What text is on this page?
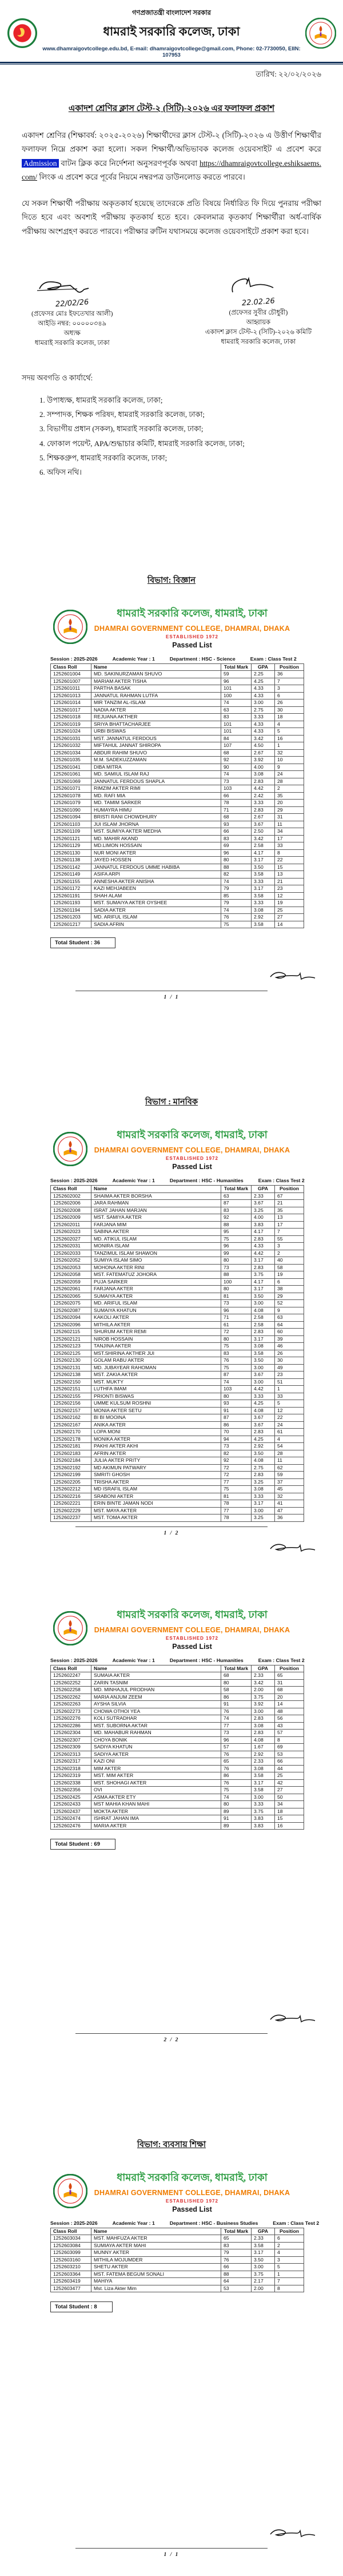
গণপ্রজাতন্ত্রী বাংলাদেশ সরকার
ধামরাই সরকারি কলেজ, ঢাকা
www.dhamraigovtcollege.edu.bd, E-mail: dhamraigovtcollege@gmail.com, Phone: 02-7730050, EIIN: 107953
তারিখ: ২২/০২/২০২৬
একাদশ শ্রেণির ক্লাস টেস্ট-২ (সিটি)-২০২৬ এর ফলাফল প্রকাশ

একাদশ শ্রেণির (শিক্ষাবর্ষ: ২০২৫-২০২৬) শিক্ষার্থীদের ক্লাস টেস্ট-২ (সিটি)-২০২৬ এ উত্তীর্ণ শিক্ষার্থীর ফলাফল নিম্নে প্রকাশ করা হলো। সকল শিক্ষার্থী/অভিভাবক কলেজ ওয়েবসাইট এ প্রবেশ করে Admission বাটন ক্লিক করে নির্দেশনা অনুসরণপূর্বক অথবা https://dhamraigovtcollege.eshiksaems.com/ লিংক এ প্রবেশ করে পূর্বের নিয়মে নম্বরপত্র ডাউনলোড করতে পারবে।

যে সকল শিক্ষার্থী পরীক্ষায় অকৃতকার্য হয়েছে তাদেরকে প্রতি বিষয়ে নির্ধারিত ফি দিয়ে পুনরায় পরীক্ষা দিতে হবে এবং অবশ্যই পরীক্ষায় কৃতকার্য হতে হবে। কেবলমাত্র কৃতকার্য শিক্ষার্থীরা অর্ধ-বার্ষিক পরীক্ষায় অংশগ্রহণ করতে পারবে। পরীক্ষার রুটিন যথাসময়ে কলেজ ওয়েবসাইটে প্রকাশ করা হবে।

22/02/26
(প্রফেসর মোঃ ইফতেখার আলী)
আইডি নম্বর: ০০০০০৩৪৯
অধ্যক্ষ
ধামরাই সরকারি কলেজ, ঢাকা
22.02.26
(প্রফেসর সুবীর চৌধুরী)
আহ্বায়ক
একাদশ ক্লাস টেস্ট-২ (সিটি)-২০২৬ কমিটি
ধামরাই সরকারি কলেজ, ঢাকা
সদয় অবগতি ও কার্যার্থে:
1. উপাধ্যক্ষ, ধামরাই সরকারি কলেজ, ঢাকা;
2. সম্পাদক, শিক্ষক পরিষদ, ধামরাই সরকারি কলেজ, ঢাকা;
3. বিভাগীয় প্রধান (সকল), ধামরাই সরকারি কলেজ, ঢাকা;
4. ফোকাল পয়েন্ট, APA/শুদ্ধাচার কমিটি, ধামরাই সরকারি কলেজ, ঢাকা;
5. শিক্ষকগ্রুপ, ধামরাই সরকারি কলেজ, ঢাকা;
6. অফিস নথি।
বিভাগ: বিজ্ঞান
ধামরাই সরকারি কলেজ, ধামরাই, ঢাকা
DHAMRAI GOVERNMENT COLLEGE, DHAMRAI, DHAKA
ESTABLISHED 1972
Passed List
Session : 2025-2026	Academic Year : 1	Department : HSC - Science	Exam : Class Test 2
Class Roll	Name	Total Mark	GPA	Position
1252601004	MD. SAKINURZAMAN SHUVO	59	2.25	36
1252601007	MARIAM AKTER TISHA	96	4.25	7
1252601011	PARTHA BASAK	101	4.33	3
1252601013	JANNATUL RAHMAN LUTFA	100	4.33	6
1252601014	MIR TANZIM AL-ISLAM	74	3.00	26
1252601017	NADIA AKTER	63	2.75	30
1252601018	REJUANA AKTHER	83	3.33	18
1252601019	SRIYA BHATTACHARJEE	101	4.33	4
1252601024	URBI BISWAS	101	4.33	5
1252601031	MST. JANNATUL FERDOUS	84	3.42	16
1252601032	MIFTAHUL JANNAT SHIROPA	107	4.50	1
1252601034	ABDUR RAHIM SHUVO	68	2.67	32
1252601035	M.M. SADEKUZZAMAN	92	3.92	10
1252601041	DIBA MITRA	90	4.00	9
1252601061	MD. SAMIUL ISLAM RAJ	74	3.08	24
1252601069	JANNATUL FERDOUS SHAPLA	73	2.83	28
1252601071	RIMZIM AKTER RIMI	103	4.42	2
1252601078	MD. RAFI MIA	66	2.42	35
1252601079	MD. TAMIM SARKER	78	3.33	20
1252601090	HUMAYRA HIMU	71	2.83	29
1252601094	BRISTI RANI CHOWDHURY	68	2.67	31
1252601103	JUI ISLAM JHORNA	93	3.67	11
1252601109	MST. SUMIYA AKTER MEDHA	66	2.50	34
1252601121	MD. MAHIR AKAND	83	3.42	17
1252601129	MD.LIMON HOSSAIN	69	2.58	33
1252601130	NUR MONI AKTER	96	4.17	8
1252601138	JAYED HOSSEN	80	3.17	22
1252601142	JANNATUL FERDOUS UMME HABIBA	88	3.50	15
1252601149	ASIFA ARPI	82	3.58	13
1252601155	ANNESHA AKTER ANISHA	74	3.33	21
1252601172	KAZI MEHJABEEN	79	3.17	23
1252601191	SHAH ALAM	85	3.58	12
1252601193	MST. SUMAIYA AKTER OYSHEE	79	3.33	19
1252601194	SADIA AKTER	74	3.08	25
1252601203	MD. ARIFUL ISLAM	76	2.92	27
1252601217	SADIA AFRIN	75	3.58	14
Total Student : 36
1 / 1
বিভাগ : মানবিক
ধামরাই সরকারি কলেজ, ধামরাই, ঢাকা
DHAMRAI GOVERNMENT COLLEGE, DHAMRAI, DHAKA
ESTABLISHED 1972
Passed List
Session : 2025-2026	Academic Year : 1	Department : HSC - Humanities	Exam : Class Test 2
Class Roll	Name	Total Mark	GPA	Position
1252602002	SHAIMA AKTER BORSHA	63	2.33	67
1252602006	JARA RAHMAN	87	3.67	21
1252602008	ISRAT JAHAN MARJAN	83	3.25	35
1252602009	MST. SAMIYA AKTER	92	4.00	13
1252602011	FARJANA MIM	88	3.83	17
1252602023	SABINA AKTER	95	4.17	7
1252602027	MD. ATIKUL ISLAM	75	2.83	55
1252602031	MONIRA ISLAM	96	4.33	3
1252602033	TANZIMUL ISLAM SHAWON	99	4.42	2
1252602052	SUMIYA ISLAM SIMO	80	3.17	40
1252602053	MOHONA AKTER RINI	73	2.83	58
1252602058	MST. FATEMATUZ JOHORA	88	3.75	19
1252602059	PUJA SARKER	100	4.17	6
1252602061	FARJANA AKTER	80	3.17	38
1252602065	SUMAIYA AKTER	81	3.50	29
1252602075	MD. ARIFUL ISLAM	73	3.00	52
1252602087	SUMAIYA KHATUN	96	4.08	9
1252602094	KAKOLI AKTER	71	2.58	63
1252602096	MITHILA AKTER	61	2.58	64
1252602115	SHURUM AKTER REMI	72	2.83	60
1252602121	NIROB HOSSAIN	80	3.17	39
1252602123	TANJINA AKTER	75	3.08	46
1252602125	MST.SHIRINA AKTHER JUI	83	3.58	26
1252602130	GOLAM RABU AKTER	76	3.50	30
1252602131	MD. JUBAYEAR RAHOMAN	75	3.00	49
1252602138	MST. ZAKIA AKTER	87	3.67	23
1252602150	MST. MUKTY	74	3.00	51
1252602151	LUTHFA IMAM	103	4.42	1
1252602155	PRIONTI BISWAS	80	3.33	33
1252602156	UMME KULSUM ROSHNI	93	4.25	5
1252602157	MONIA AKTER SETU	91	4.08	12
1252602162	BI BI MOOINA	87	3.67	22
1252602167	ANIKA AKTER	86	3.67	24
1252602170	LOPA MONI	70	2.83	61
1252602178	MONIKA AKTER	94	4.25	4
1252602181	PAKHI AKTER AKHI	73	2.92	54
1252602183	AFRIN AKTER	82	3.50	28
1252602184	JULIA AKTER PRITY	92	4.08	11
1252602192	MD AKIMUN PATWARY	72	2.75	62
1252602199	SMRITI GHOSH	72	2.83	59
1252602205	TRISHA AKTER	77	3.25	37
1252602212	MD ISRAFIL ISLAM	75	3.08	45
1252602216	SRABONI AKTER	81	3.33	32
1252602221	ERIN BINTE JAMAN NODI	78	3.17	41
1252602229	MST. MAYA AKTER	77	3.00	47
1252602237	MST. TOMA AKTER	78	3.25	36
1 / 2
ধামরাই সরকারি কলেজ, ধামরাই, ঢাকা
DHAMRAI GOVERNMENT COLLEGE, DHAMRAI, DHAKA
ESTABLISHED 1972
Passed List
Session : 2025-2026	Academic Year : 1	Department : HSC - Humanities	Exam : Class Test 2
Class Roll	Name	Total Mark	GPA	Position
1252602247	SUMAIA AKTER	68	2.33	65
1252602252	ZARIN TASNIM	80	3.42	31
1252602258	MD. MINHAJUL PRODHAN	58	2.00	68
1252602262	MARIA ANJUM ZEEM	86	3.75	20
1252602263	AYSHA SILVIA	91	3.92	14
1252602273	CHOWA OTHOI YEA	76	3.00	48
1252602276	KOLI SUTRADHAR	74	2.83	56
1252602286	MST. SUBORNA AKTAR	77	3.08	43
1252602304	MD. MAHABUR RAHMAN	73	2.83	57
1252602307	CHOYA BONIK	96	4.08	8
1252602309	SADIYA KHATUN	57	1.67	69
1252602313	SADIYA AKTER	76	2.92	53
1252602317	KAZI ONI	65	2.33	66
1252602318	MIM AKTER	76	3.08	44
1252602319	MST. MIM AKTER	86	3.58	25
1252602338	MST. SHOHAGI AKTER	76	3.17	42
1252602356	OVI	75	3.58	27
1252602425	ASMA AKTER ETY	74	3.00	50
1252602433	MST MAHIA KHAN MAHI	80	3.33	34
1252602437	MOKTA AKTER	89	3.75	18
1252602474	ISHRAT JAHAN IMA	91	3.83	15
1252602476	MARIA AKTER	89	3.83	16
Total Student : 69
2 / 2
বিভাগ: ব্যবসায় শিক্ষা
ধামরাই সরকারি কলেজ, ধামরাই, ঢাকা
DHAMRAI GOVERNMENT COLLEGE, DHAMRAI, DHAKA
ESTABLISHED 1972
Passed List
Session : 2025-2026	Academic Year : 1	Department : HSC - Business Studies	Exam : Class Test 2
Class Roll	Name	Total Mark	GPA	Position
1252603034	MST. MAHFUZA AKTER	65	2.33	6
1252603084	SUMIAYA AKTER MAHI	83	3.58	2
1252603099	MUNNY AKTER	79	3.17	4
1252603160	MITHILA MOJUMDER	76	3.50	3
1252603210	SHETU AKTER	66	3.00	5
1252603364	MST. FATEMA BEGUM SONALI	88	3.75	1
1252603419	MAHIYA	64	2.17	7
1252603477	Mst. Liza Akter Mim	53	2.00	8
Total Student : 8
1 / 1
